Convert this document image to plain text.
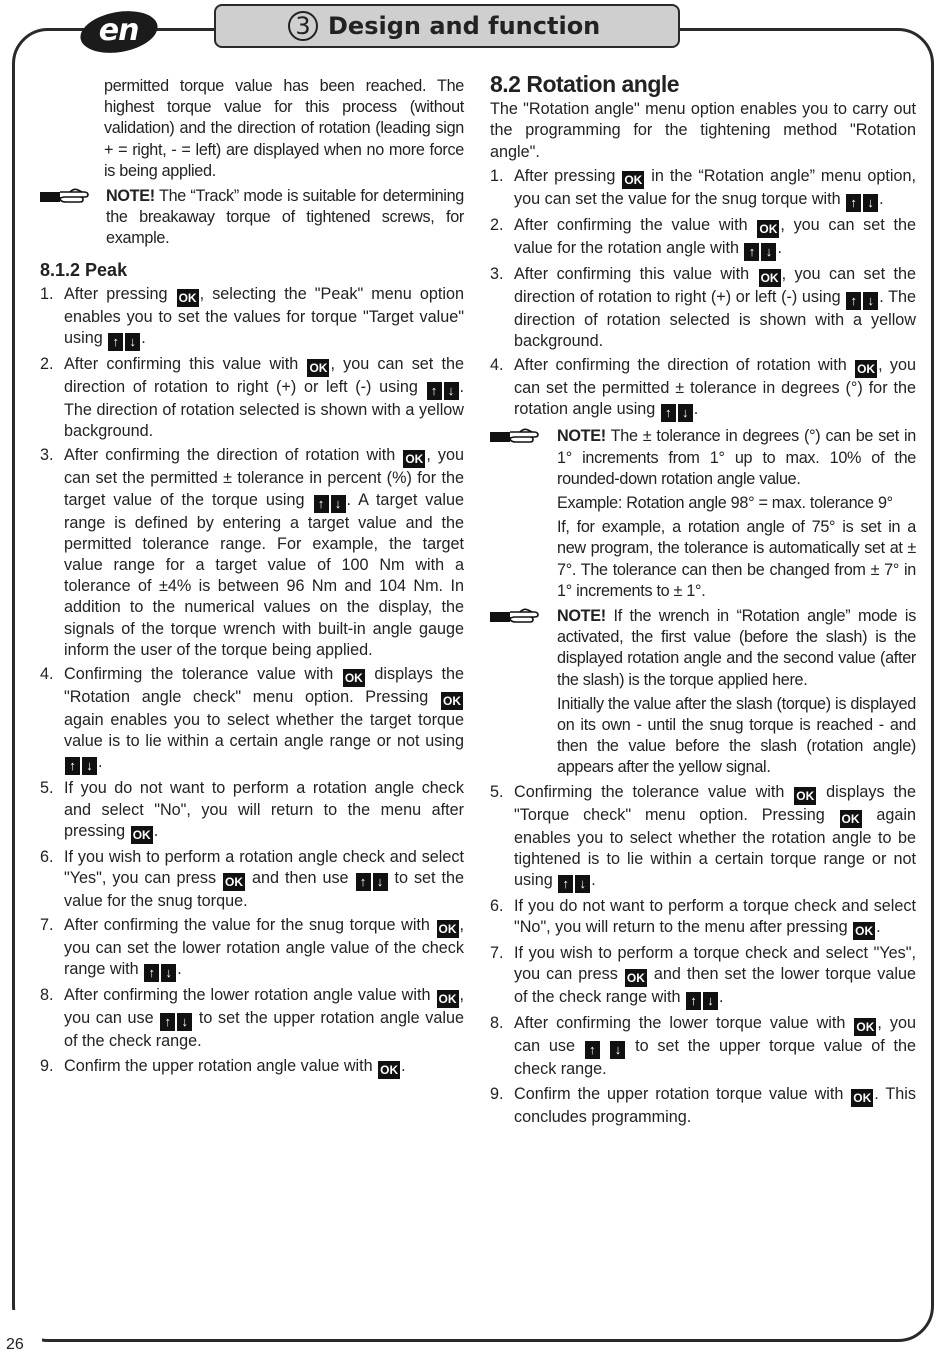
en	3 Design and function

permitted torque value has been reached. The highest torque value for this process (without validation) and the direction of rotation (leading sign + = right, - = left) are displayed when no more force is being applied.

NOTE! The “Track” mode is suitable for determining the breakaway torque of tightened screws, for example.
8.1.2 Peak
1. After pressing OK , selecting the "Peak" menu option enables you to set the values for torque "Target value" using ↑ ↓ .
2. After confirming this value with OK , you can set the direction of rotation to right (+) or left (-) using ↑ ↓ . The direction of rotation selected is shown with a yellow background.
3. After confirming the direction of rotation with OK , you can set the permitted ± tolerance in percent (%) for the target value of the torque using ↑ ↓ . A target value range is defined by entering a target value and the permitted tolerance range. For example, the target value range for a target value of 100 Nm with a tolerance of ±4% is between 96 Nm and 104 Nm. In addition to the numerical values on the display, the signals of the torque wrench with built-in angle gauge inform the user of the torque being applied.
4. Confirming the tolerance value with OK displays the "Rotation angle check" menu option. Pressing OK again enables you to select whether the target torque value is to lie within a certain angle range or not using ↑ ↓ .
5. If you do not want to perform a rotation angle check and select "No", you will return to the menu after pressing OK .
6. If you wish to perform a rotation angle check and select "Yes", you can press OK and then use ↑ ↓ to set the value for the snug torque.
7. After confirming the value for the snug torque with OK , you can set the lower rotation angle value of the check range with ↑ ↓ .
8. After confirming the lower rotation angle value with OK , you can use ↑ ↓ to set the upper rotation angle value of the check range.
9. Confirm the upper rotation angle value with OK .
8.2 Rotation angle

The "Rotation angle" menu option enables you to carry out the programming for the tightening method "Rotation angle".

1. After pressing OK in the “Rotation angle” menu option, you can set the value for the snug torque with ↑ ↓ .
2. After confirming the value with OK , you can set the value for the rotation angle with ↑ ↓ .
3. After confirming this value with OK , you can set the direction of rotation to right (+) or left (-) using ↑ ↓ . The direction of rotation selected is shown with a yellow background.
4. After confirming the direction of rotation with OK , you can set the permitted ± tolerance in degrees (°) for the rotation angle using ↑ ↓ .

NOTE! The ± tolerance in degrees (°) can be set in 1° increments from 1° up to max. 10% of the rounded-down rotation angle value.

Example: Rotation angle 98° = max. tolerance 9°

If, for example, a rotation angle of 75° is set in a new program, the tolerance is automatically set at ± 7°. The tolerance can then be changed from ± 7° in 1° increments to ± 1°.

NOTE! If the wrench in “Rotation angle” mode is activated, the first value (before the slash) is the displayed rotation angle and the second value (after the slash) is the torque applied here.

Initially the value after the slash (torque) is displayed on its own - until the snug torque is reached - and then the value before the slash (rotation angle) appears after the yellow signal.

5. Confirming the tolerance value with OK displays the "Torque check" menu option. Pressing OK again enables you to select whether the rotation angle to be tightened is to lie within a certain torque range or not using ↑ ↓ .
6. If you do not want to perform a torque check and select "No", you will return to the menu after pressing OK .
7. If you wish to perform a torque check and select "Yes", you can press OK and then set the lower torque value of the check range with ↑ ↓ .
8. After confirming the lower torque value with OK , you can use ↑ ↓ to set the upper torque value of the check range.
9. Confirm the upper rotation torque value with OK . This concludes programming.
26
